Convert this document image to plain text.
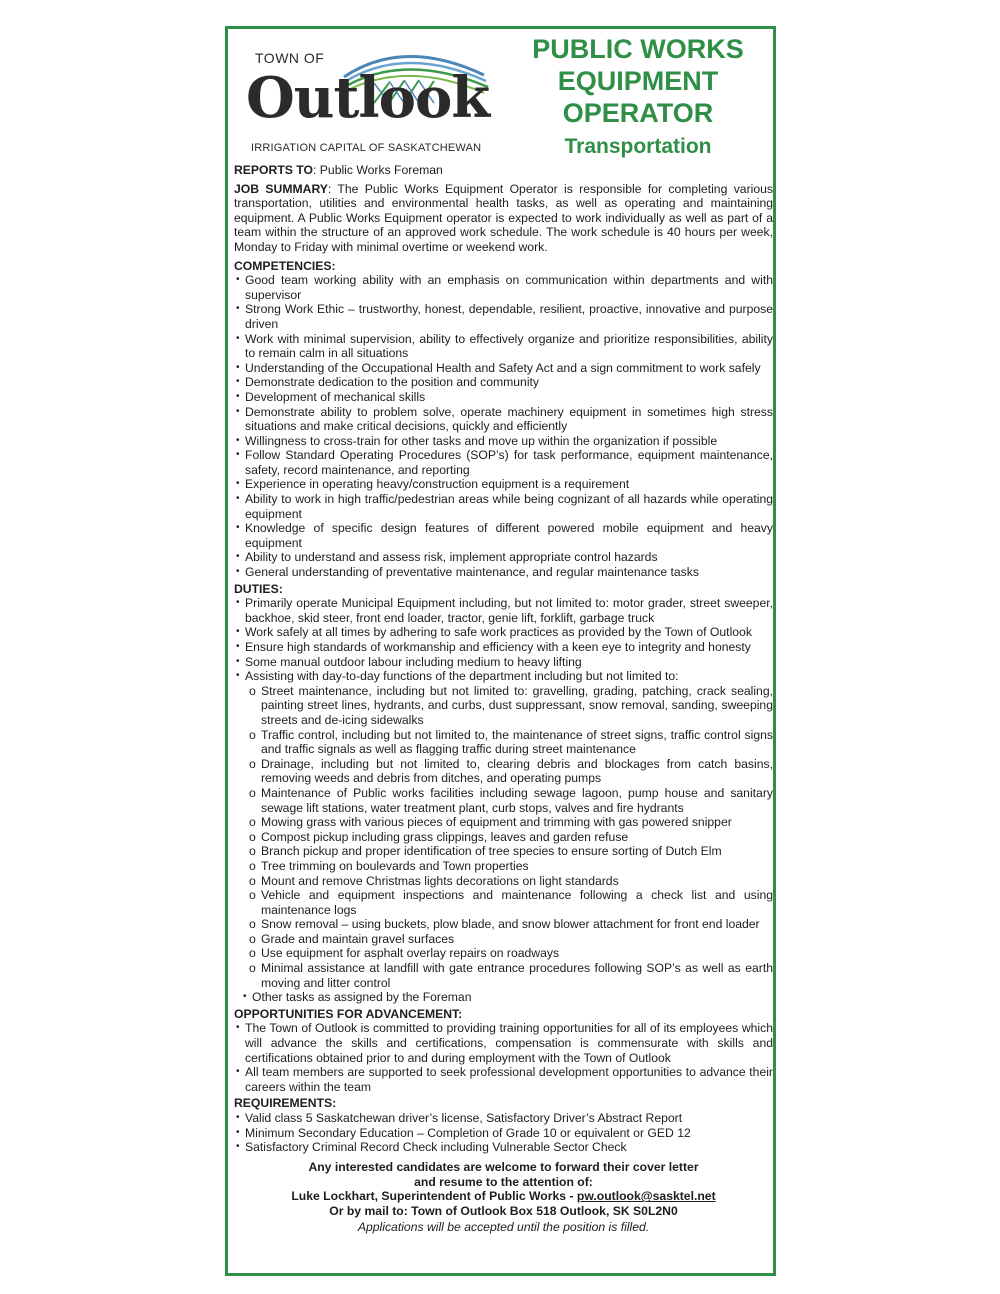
TOWN OF
Outlook
IRRIGATION CAPITAL OF SASKATCHEWAN
PUBLIC WORKS
EQUIPMENT
OPERATOR
Transportation

REPORTS TO: Public Works Foreman

JOB SUMMARY: The Public Works Equipment Operator is responsible for completing various transportation, utilities and environmental health tasks, as well as operating and maintaining equipment. A Public Works Equipment operator is expected to work individually as well as part of a team within the structure of an approved work schedule. The work schedule is 40 hours per week, Monday to Friday with minimal overtime or weekend work.

COMPETENCIES:
• Good team working ability with an emphasis on communication within departments and with supervisor
• Strong Work Ethic – trustworthy, honest, dependable, resilient, proactive, innovative and purpose driven
• Work with minimal supervision, ability to effectively organize and prioritize responsibilities, ability to remain calm in all situations
• Understanding of the Occupational Health and Safety Act and a sign commitment to work safely
• Demonstrate dedication to the position and community
• Development of mechanical skills
• Demonstrate ability to problem solve, operate machinery equipment in sometimes high stress situations and make critical decisions, quickly and efficiently
• Willingness to cross-train for other tasks and move up within the organization if possible
• Follow Standard Operating Procedures (SOP’s) for task performance, equipment maintenance, safety, record maintenance, and reporting
• Experience in operating heavy/construction equipment is a requirement
• Ability to work in high traffic/pedestrian areas while being cognizant of all hazards while operating equipment
• Knowledge of specific design features of different powered mobile equipment and heavy equipment
• Ability to understand and assess risk, implement appropriate control hazards
• General understanding of preventative maintenance, and regular maintenance tasks
DUTIES:
• Primarily operate Municipal Equipment including, but not limited to: motor grader, street sweeper, backhoe, skid steer, front end loader, tractor, genie lift, forklift, garbage truck
• Work safely at all times by adhering to safe work practices as provided by the Town of Outlook
• Ensure high standards of workmanship and efficiency with a keen eye to integrity and honesty
• Some manual outdoor labour including medium to heavy lifting
• Assisting with day-to-day functions of the department including but not limited to:
o Street maintenance, including but not limited to: gravelling, grading, patching, crack sealing, painting street lines, hydrants, and curbs, dust suppressant, snow removal, sanding, sweeping streets and de-icing sidewalks
o Traffic control, including but not limited to, the maintenance of street signs, traffic control signs and traffic signals as well as flagging traffic during street maintenance
o Drainage, including but not limited to, clearing debris and blockages from catch basins, removing weeds and debris from ditches, and operating pumps
o Maintenance of Public works facilities including sewage lagoon, pump house and sanitary sewage lift stations, water treatment plant, curb stops, valves and fire hydrants
o Mowing grass with various pieces of equipment and trimming with gas powered snipper
o Compost pickup including grass clippings, leaves and garden refuse
o Branch pickup and proper identification of tree species to ensure sorting of Dutch Elm
o Tree trimming on boulevards and Town properties
o Mount and remove Christmas lights decorations on light standards
o Vehicle and equipment inspections and maintenance following a check list and using maintenance logs
o Snow removal – using buckets, plow blade, and snow blower attachment for front end loader
o Grade and maintain gravel surfaces
o Use equipment for asphalt overlay repairs on roadways
o Minimal assistance at landfill with gate entrance procedures following SOP’s as well as earth moving and litter control
• Other tasks as assigned by the Foreman
OPPORTUNITIES FOR ADVANCEMENT:
• The Town of Outlook is committed to providing training opportunities for all of its employees which will advance the skills and certifications, compensation is commensurate with skills and certifications obtained prior to and during employment with the Town of Outlook
• All team members are supported to seek professional development opportunities to advance their careers within the team
REQUIREMENTS:
• Valid class 5 Saskatchewan driver’s license, Satisfactory Driver’s Abstract Report
• Minimum Secondary Education – Completion of Grade 10 or equivalent or GED 12
• Satisfactory Criminal Record Check including Vulnerable Sector Check
Any interested candidates are welcome to forward their cover letter
and resume to the attention of:
Luke Lockhart, Superintendent of Public Works - pw.outlook@sasktel.net
Or by mail to: Town of Outlook Box 518 Outlook, SK S0L2N0
Applications will be accepted until the position is filled.
